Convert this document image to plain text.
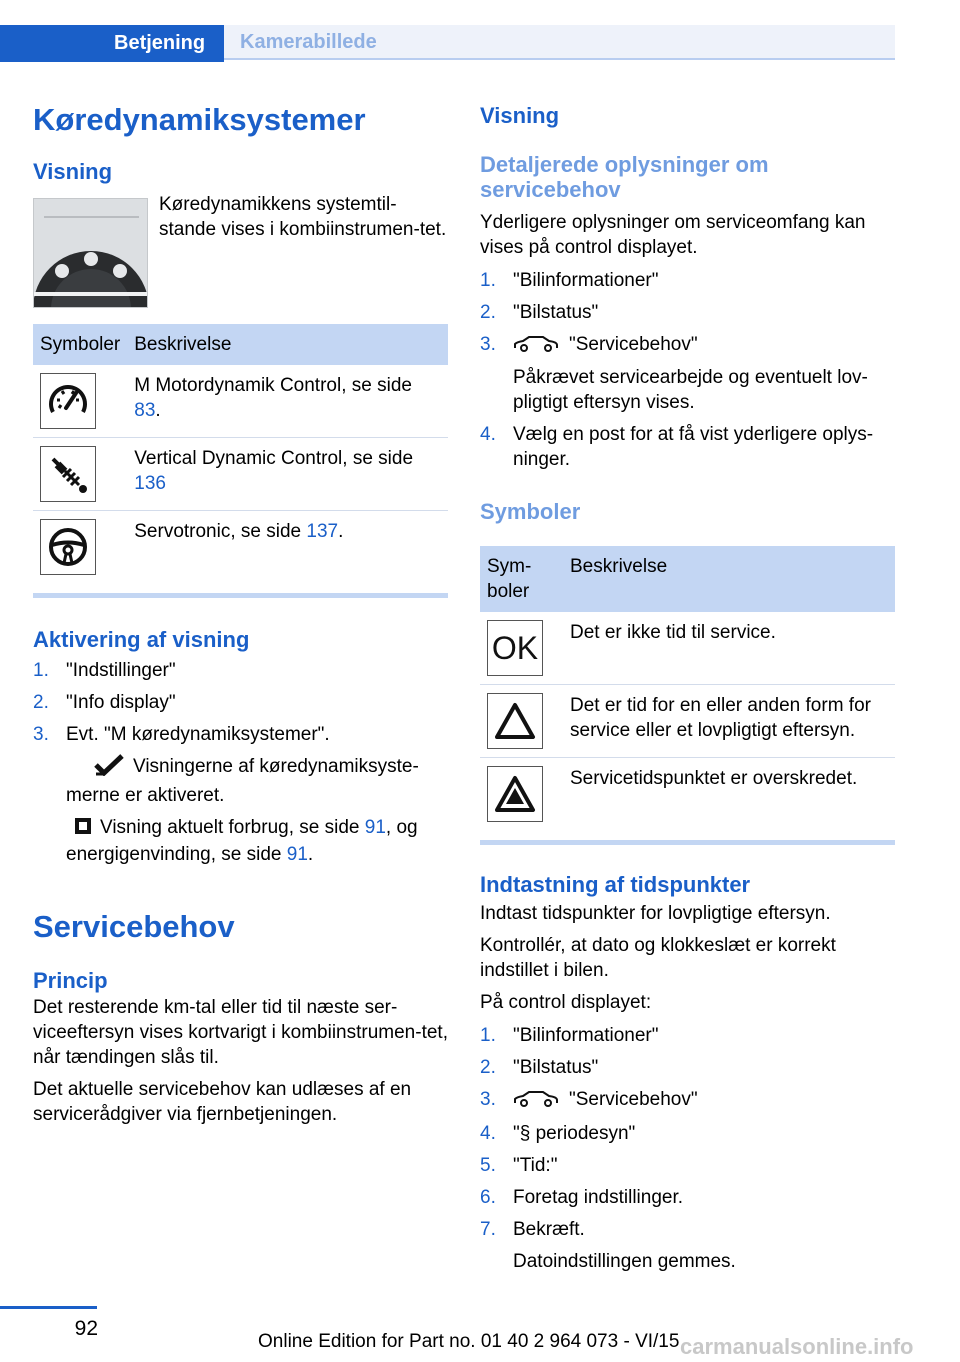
Betjening	Kamerabillede
Køredynamiksystemer
Visning

Køredynamikkens systemtil-stande vises i kombiinstrumen-tet.

Symboler	Beskrivelse

	M Motordynamik Control, se side 83.

	Vertical Dynamic Control, se side 136

	Servotronic, se side 137.
Aktivering af visning
1. "Indstillinger"
2. "Info display"
3. Evt. "M køredynamiksystemer".

Visningerne af køredynamiksyste-merne er aktiveret.

Visning aktuelt forbrug, se side 91, og energigenvinding, se side 91.

Servicebehov
Princip

Det resterende km-tal eller tid til næste ser-viceeftersyn vises kortvarigt i kombiinstrumen-tet, når tændingen slås til.

Det aktuelle servicebehov kan udlæses af en servicerådgiver via fjernbetjeningen.

Visning
Detaljerede oplysninger om servicebehov

Yderligere oplysninger om serviceomfang kan vises på control displayet.

1. "Bilinformationer"
2. "Bilstatus"
3.	"Servicebehov"

Påkrævet servicearbejde og eventuelt lov-pligtigt eftersyn vises.

4. Vælg en post for at få vist yderligere oplys-ninger.
Symboler
Sym-boler	Beskrivelse

OK	Det er ikke tid til service.

	Det er tid for en eller anden form for service eller et lovpligtigt eftersyn.

	Servicetidspunktet er overskredet.
Indtastning af tidspunkter

Indtast tidspunkter for lovpligtige eftersyn.

Kontrollér, at dato og klokkeslæt er korrekt indstillet i bilen.

På control displayet:

1. "Bilinformationer"
2. "Bilstatus"
3.	"Servicebehov"
4. "§ periodesyn"
5. "Tid:"
6. Foretag indstillinger.
7. Bekræft.

Datoindstillingen gemmes.

92
Online Edition for Part no. 01 40 2 964 073 - VI/15 carmanualsonline.info
